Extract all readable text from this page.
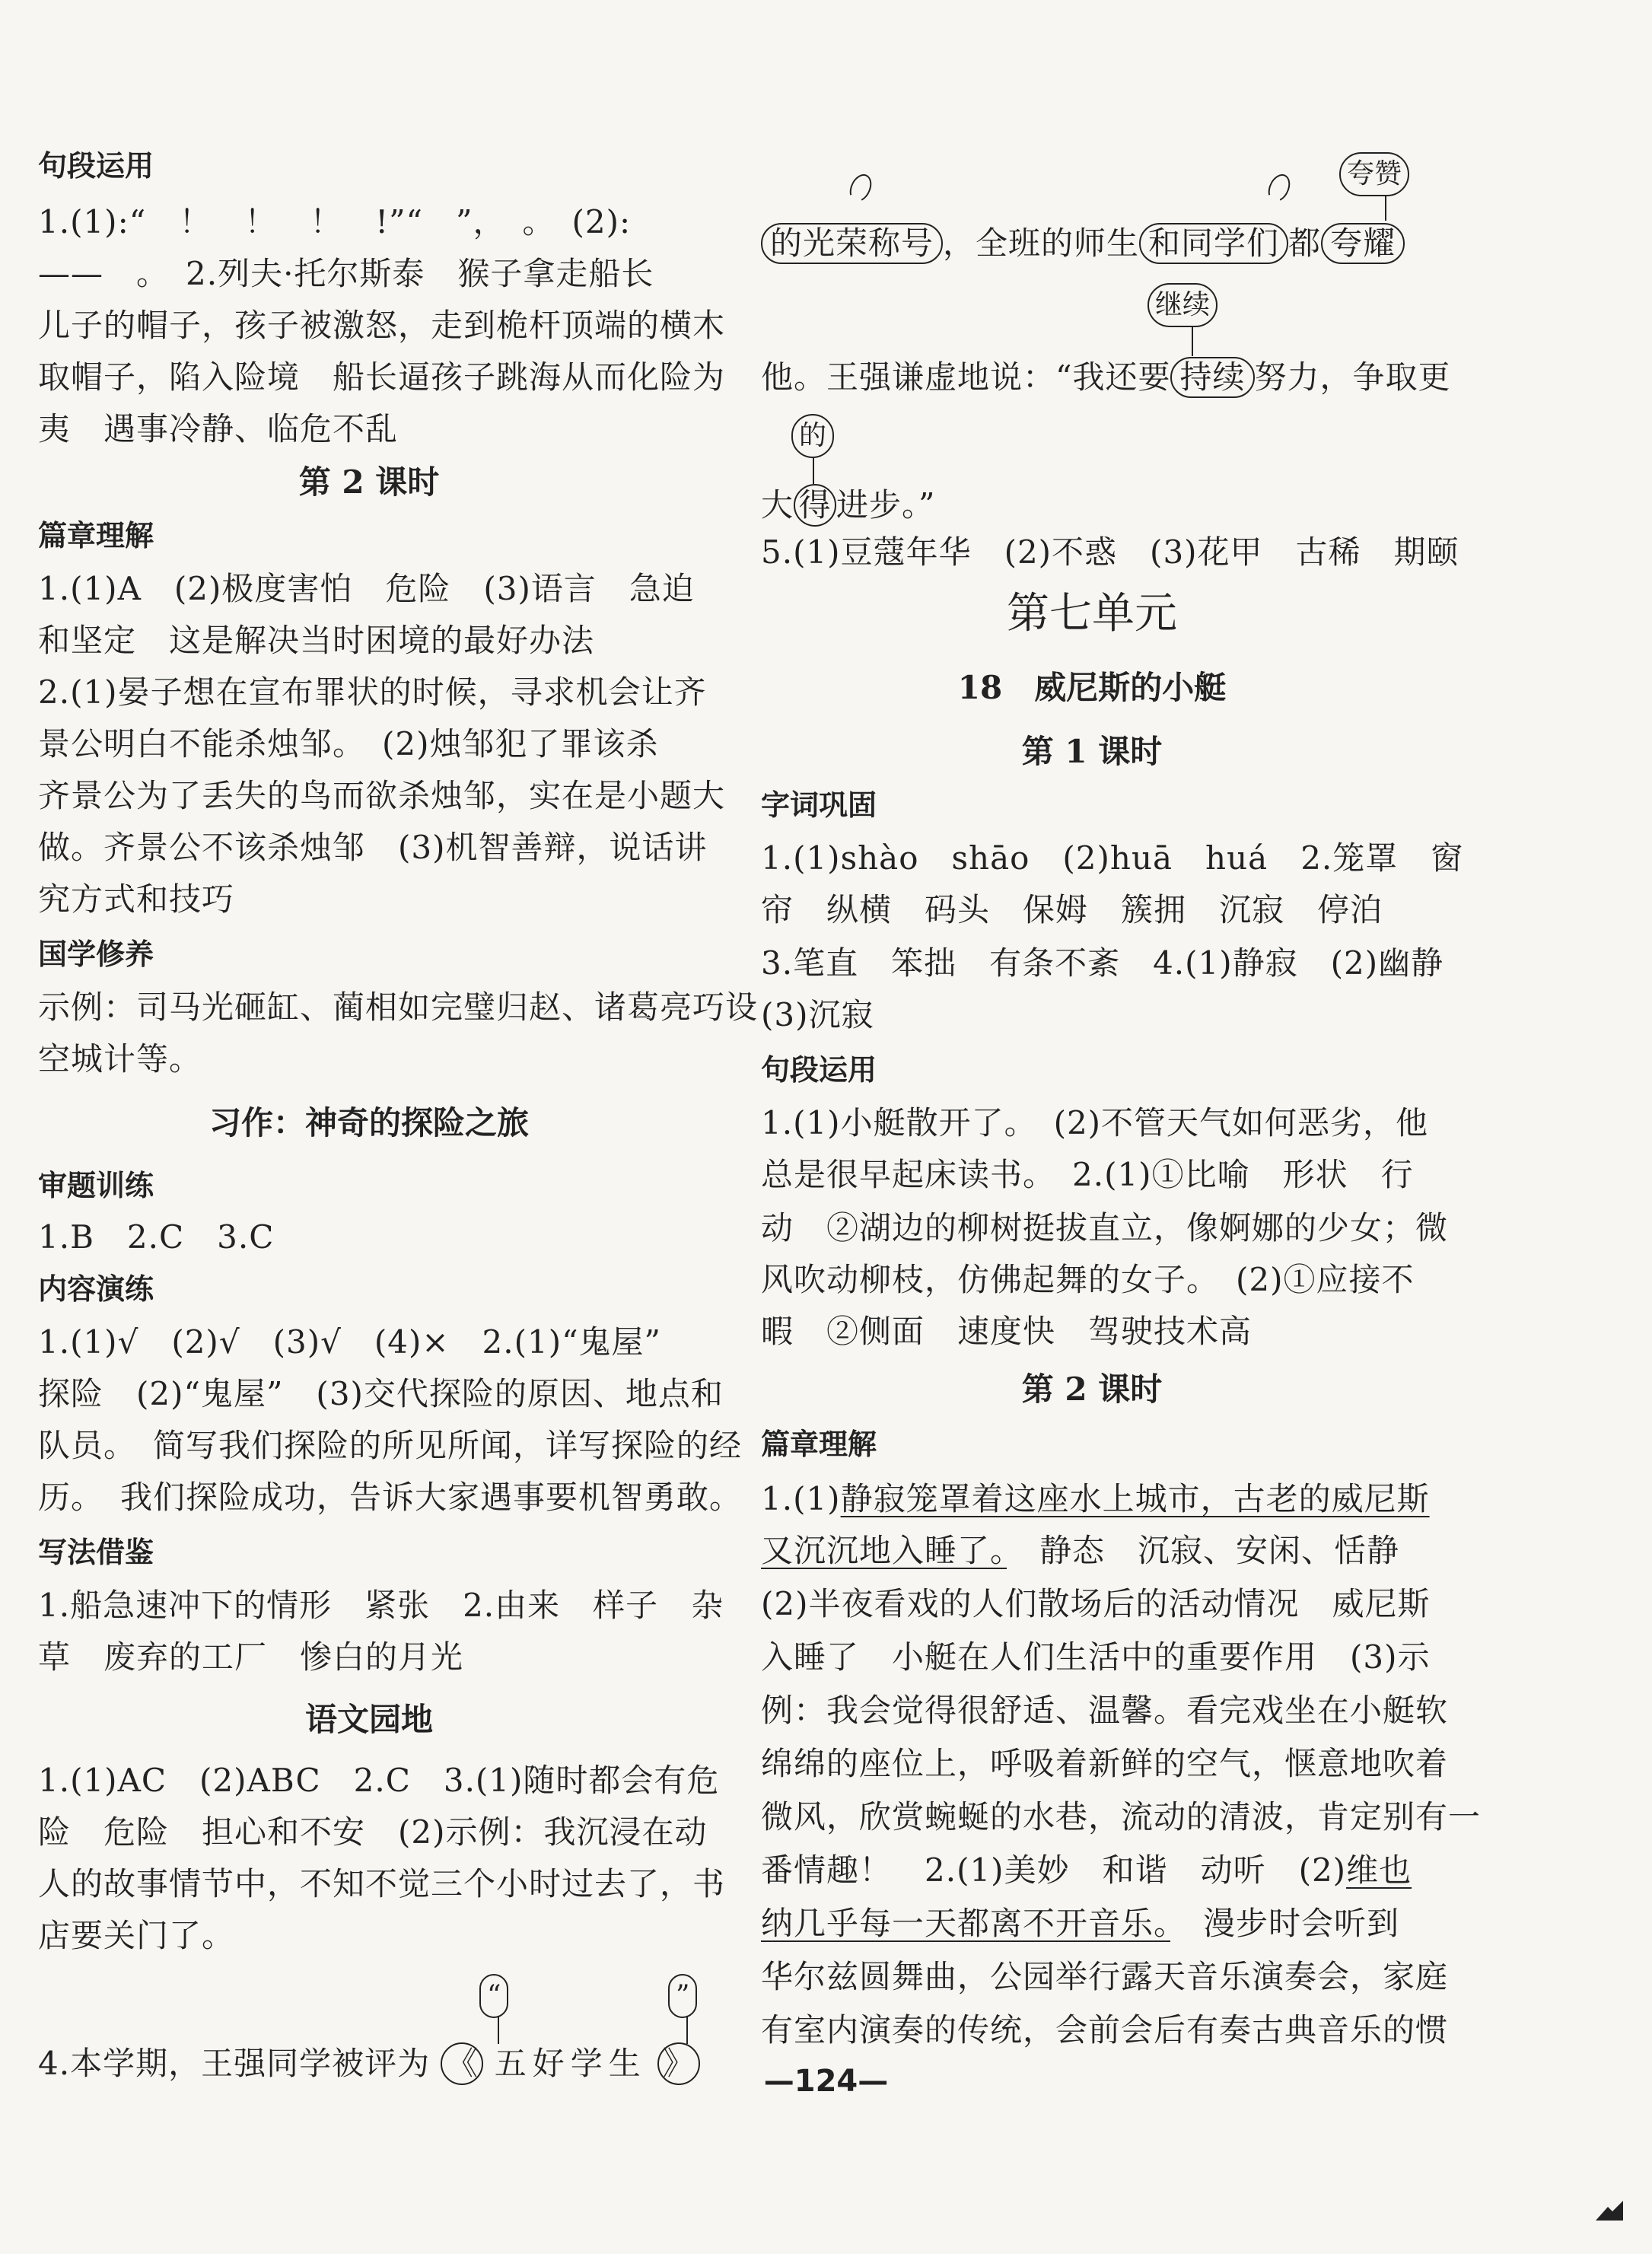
句段运用
1.(1):“　！　！　！　!”“　”，　。　(2):
——　。　2.列夫·托尔斯泰　猴子拿走船长
儿子的帽子，孩子被激怒，走到桅杆顶端的横木
取帽子，陷入险境　船长逼孩子跳海从而化险为
夷　遇事冷静、临危不乱
第 2 课时
篇章理解
1.(1)A　(2)极度害怕　危险　(3)语言　急迫
和坚定　这是解决当时困境的最好办法
2.(1)晏子想在宣布罪状的时候，寻求机会让齐
景公明白不能杀烛邹。　(2)烛邹犯了罪该杀
齐景公为了丢失的鸟而欲杀烛邹，实在是小题大
做。齐景公不该杀烛邹　(3)机智善辩，说话讲
究方式和技巧
国学修养
示例：司马光砸缸、蔺相如完璧归赵、诸葛亮巧设
空城计等。
习作：神奇的探险之旅
审题训练
1.B　2.C　3.C
内容演练
1.(1)√　(2)√　(3)√　(4)×　2.(1)“鬼屋”
探险　(2)“鬼屋”　(3)交代探险的原因、地点和
队员。　简写我们探险的所见所闻，详写探险的经
历。　我们探险成功，告诉大家遇事要机智勇敢。
写法借鉴
1.船急速冲下的情形　紧张　2.由来　样子　杂
草　废弃的工厂　惨白的月光
语文园地
1.(1)AC　(2)ABC　2.C　3.(1)随时都会有危
险　危险　担心和不安　(2)示例：我沉浸在动
人的故事情节中，不知不觉三个小时过去了，书
店要关门了。
“	”
4.本学期，王强同学被评为 《 五好学生 》
夸赞
的光荣称号 ，全班的师生 和同学们 都 夸耀
继续
他。王强谦虚地说：“我还要 持续 努力，争取更
的
大 得 进步。”
5.(1)豆蔻年华　(2)不惑　(3)花甲　古稀　期颐
第七单元
18　威尼斯的小艇
第 1 课时
字词巩固
1.(1)shào　shāo　(2)huā　huá　2.笼罩　窗
帘　纵横　码头　保姆　簇拥　沉寂　停泊
3.笔直　笨拙　有条不紊　4.(1)静寂　(2)幽静
(3)沉寂
句段运用
1.(1)小艇散开了。　(2)不管天气如何恶劣，他
总是很早起床读书。　2.(1)①比喻　形状　行
动　②湖边的柳树挺拔直立，像婀娜的少女；微
风吹动柳枝，仿佛起舞的女子。　(2)①应接不
暇　②侧面　速度快　驾驶技术高
第 2 课时
篇章理解
1.(1)静寂笼罩着这座水上城市，古老的威尼斯
又沉沉地入睡了。　静态　沉寂、安闲、恬静
(2)半夜看戏的人们散场后的活动情况　威尼斯
入睡了　小艇在人们生活中的重要作用　(3)示
例：我会觉得很舒适、温馨。看完戏坐在小艇软
绵绵的座位上，呼吸着新鲜的空气，惬意地吹着
微风，欣赏蜿蜒的水巷，流动的清波，肯定别有一
番情趣！　2.(1)美妙　和谐　动听　(2)维也
纳几乎每一天都离不开音乐。　漫步时会听到
华尔兹圆舞曲，公园举行露天音乐演奏会，家庭
有室内演奏的传统，会前会后有奏古典音乐的惯
—124—
